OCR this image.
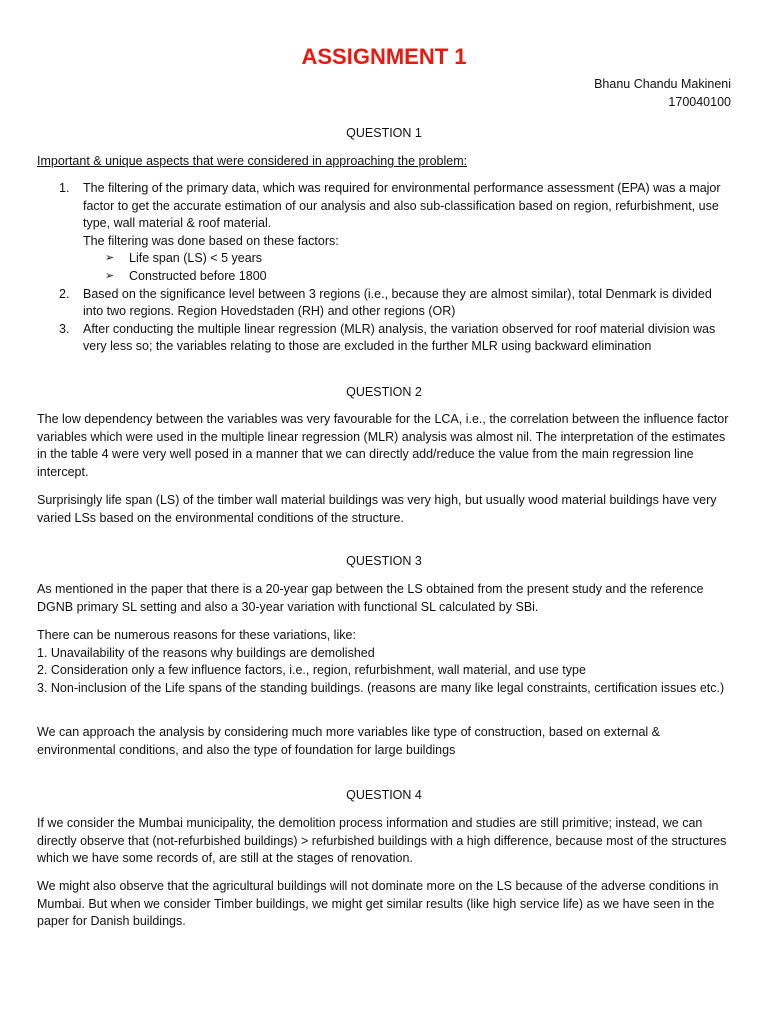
ASSIGNMENT 1
Bhanu Chandu Makineni
170040100
QUESTION 1
Important & unique aspects that were considered in approaching the problem:
1. The filtering of the primary data, which was required for environmental performance assessment (EPA) was a major factor to get the accurate estimation of our analysis and also sub-classification based on region, refurbishment, use type, wall material & roof material.
The filtering was done based on these factors:
➢ Life span (LS) < 5 years
➢ Constructed before 1800
2. Based on the significance level between 3 regions (i.e., because they are almost similar), total Denmark is divided into two regions. Region Hovedstaden (RH) and other regions (OR)
3. After conducting the multiple linear regression (MLR) analysis, the variation observed for roof material division was very less so; the variables relating to those are excluded in the further MLR using backward elimination
QUESTION 2
The low dependency between the variables was very favourable for the LCA, i.e., the correlation between the influence factor variables which were used in the multiple linear regression (MLR) analysis was almost nil. The interpretation of the estimates in the table 4 were very well posed in a manner that we can directly add/reduce the value from the main regression line intercept.
Surprisingly life span (LS) of the timber wall material buildings was very high, but usually wood material buildings have very varied LSs based on the environmental conditions of the structure.
QUESTION 3
As mentioned in the paper that there is a 20-year gap between the LS obtained from the present study and the reference DGNB primary SL setting and also a 30-year variation with functional SL calculated by SBi.
There can be numerous reasons for these variations, like:
1. Unavailability of the reasons why buildings are demolished
2. Consideration only a few influence factors, i.e., region, refurbishment, wall material, and use type
3. Non-inclusion of the Life spans of the standing buildings. (reasons are many like legal constraints, certification issues etc.)
We can approach the analysis by considering much more variables like type of construction, based on external & environmental conditions, and also the type of foundation for large buildings
QUESTION 4
If we consider the Mumbai municipality, the demolition process information and studies are still primitive; instead, we can directly observe that (not-refurbished buildings) > refurbished buildings with a high difference, because most of the structures which we have some records of, are still at the stages of renovation.
We might also observe that the agricultural buildings will not dominate more on the LS because of the adverse conditions in Mumbai. But when we consider Timber buildings, we might get similar results (like high service life) as we have seen in the paper for Danish buildings.
